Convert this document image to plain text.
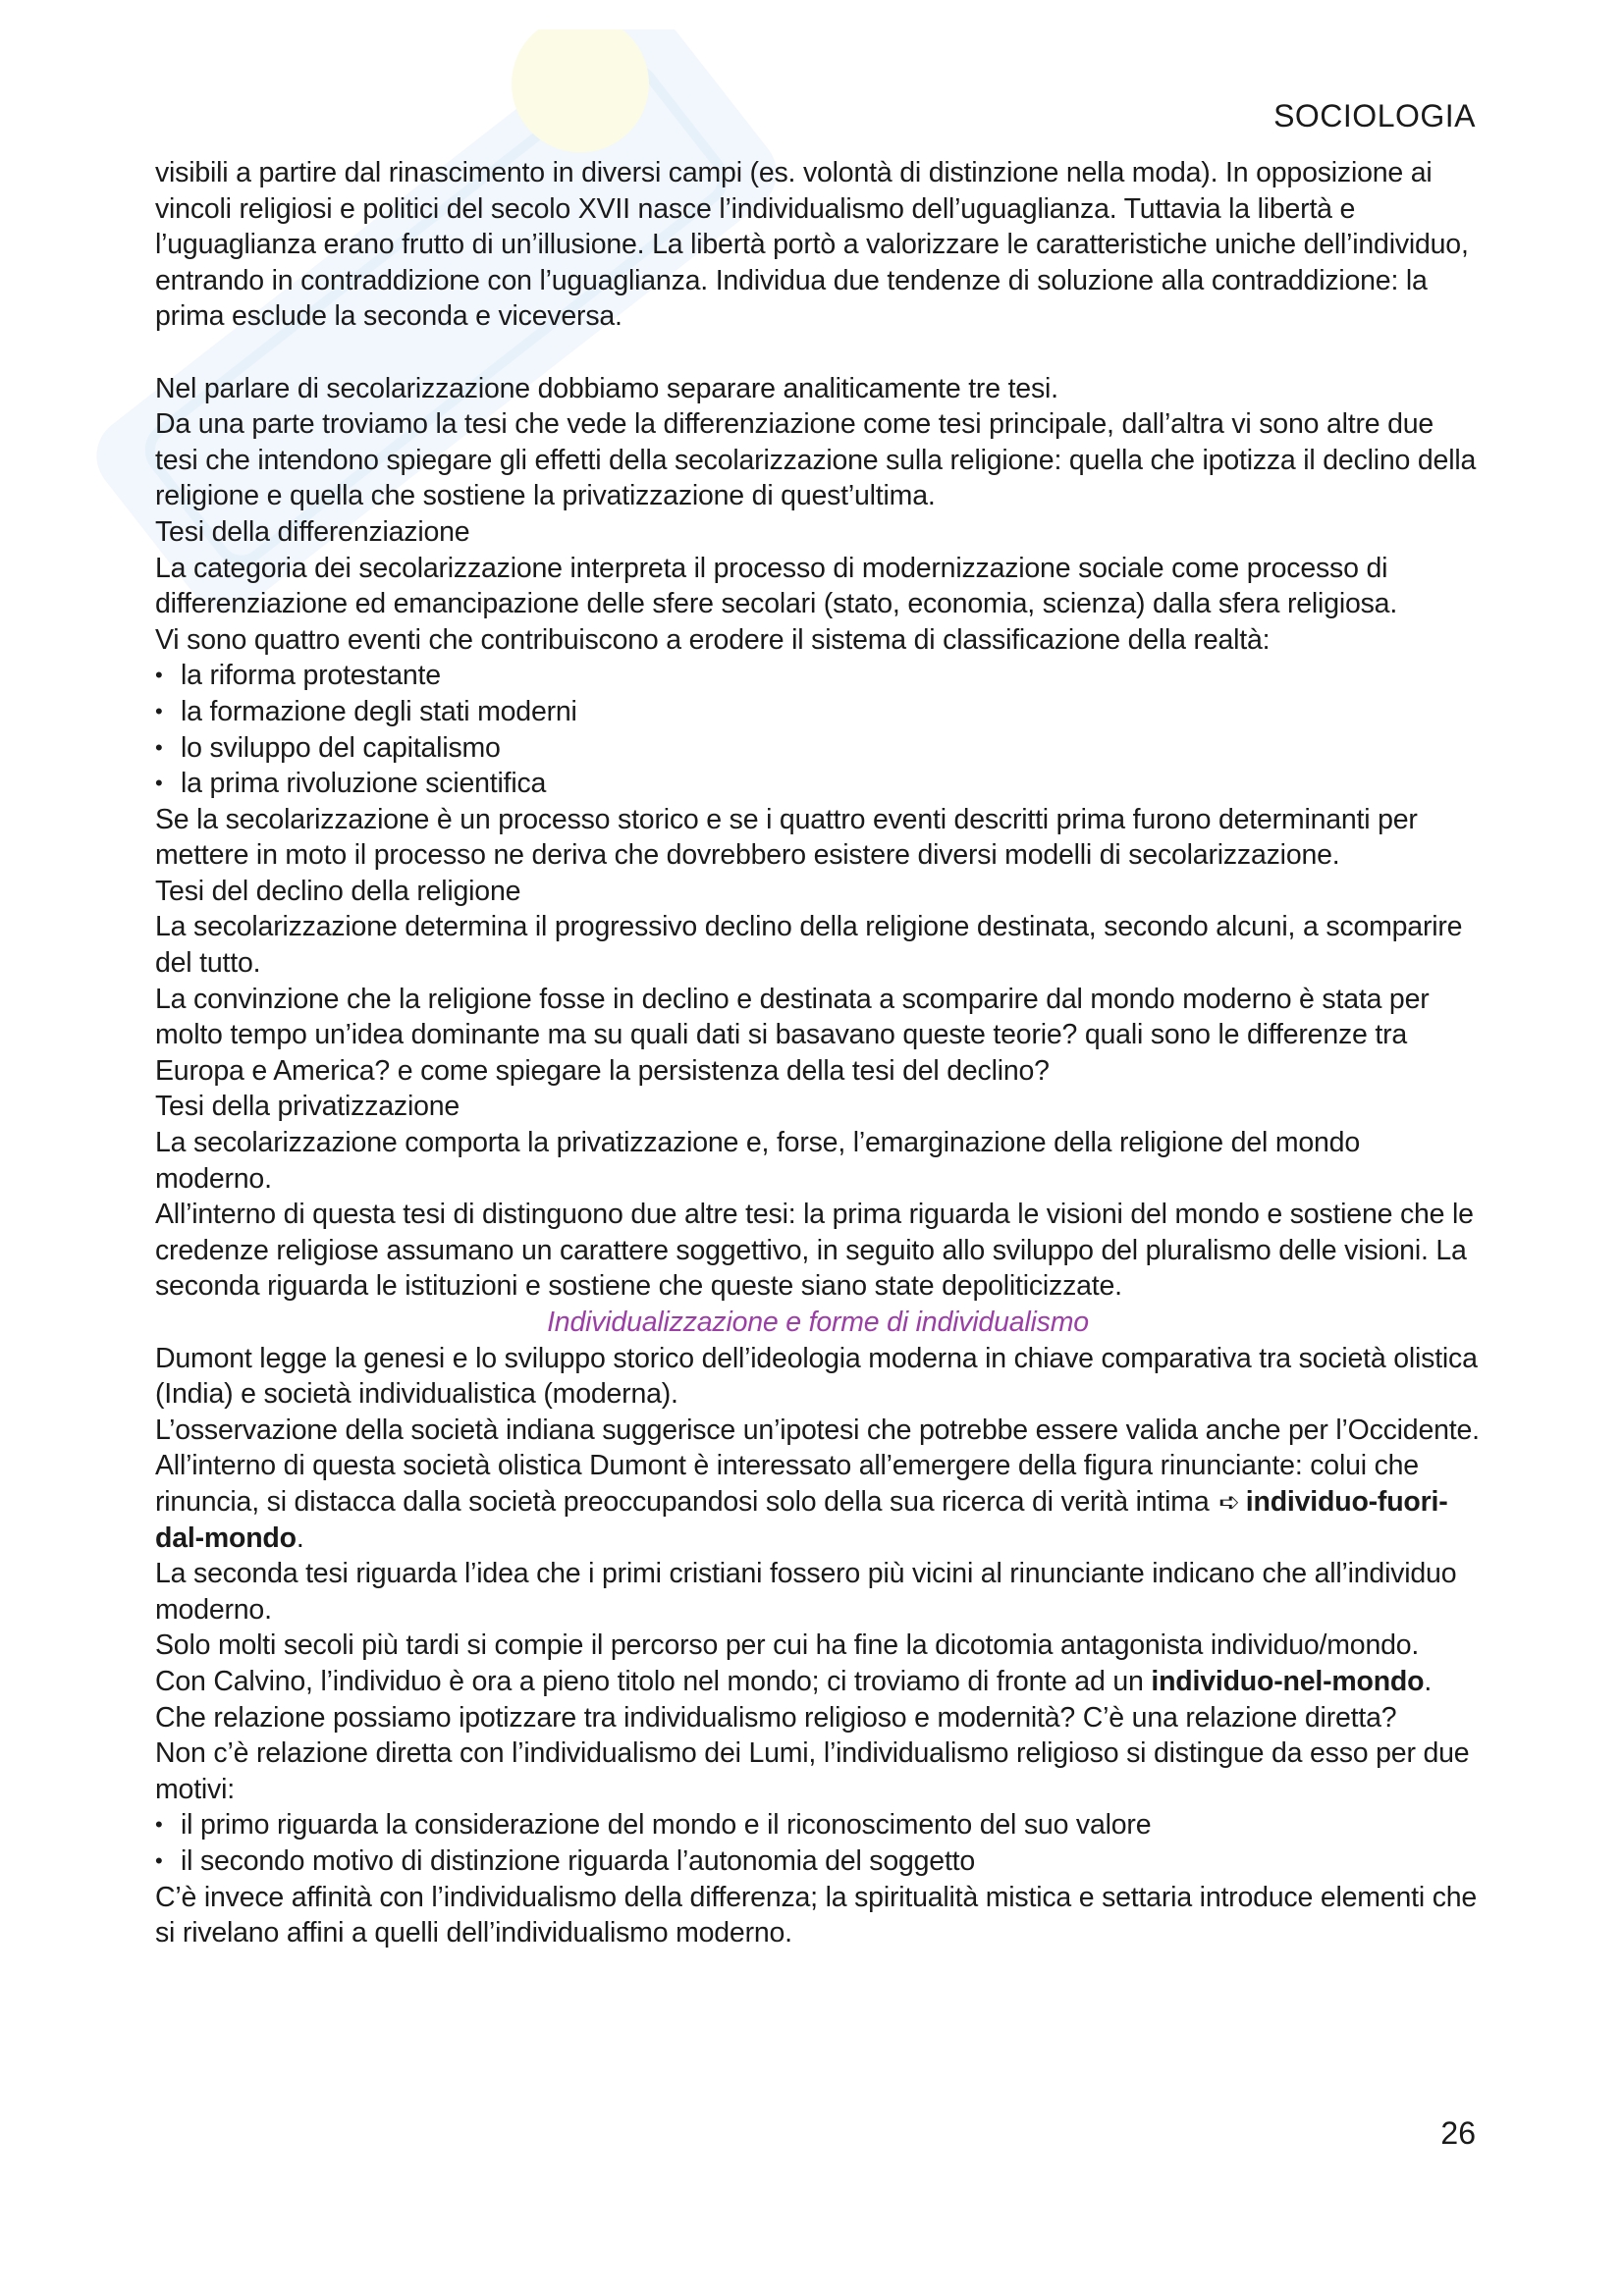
SOCIOLOGIA

visibili a partire dal rinascimento in diversi campi (es. volontà di distinzione nella moda). In opposizione ai vincoli religiosi e politici del secolo XVII nasce l’individualismo dell’uguaglianza. Tuttavia la libertà e l’uguaglianza erano frutto di un’illusione. La libertà portò a valorizzare le caratteristiche uniche dell’individuo, entrando in contraddizione con l’uguaglianza. Individua due tendenze di soluzione alla contraddizione: la prima esclude la seconda e viceversa.

Nel parlare di secolarizzazione dobbiamo separare analiticamente tre tesi.

Da una parte troviamo la tesi che vede la differenziazione come tesi principale, dall’altra vi sono altre due tesi che intendono spiegare gli effetti della secolarizzazione sulla religione: quella che ipotizza il declino della religione e quella che sostiene la privatizzazione di quest’ultima.

Tesi della differenziazione

La categoria dei secolarizzazione interpreta il processo di modernizzazione sociale come processo di differenziazione ed emancipazione delle sfere secolari (stato, economia, scienza) dalla sfera religiosa.

Vi sono quattro eventi che contribuiscono a erodere il sistema di classificazione della realtà:

• la riforma protestante
• la formazione degli stati moderni
• lo sviluppo del capitalismo
• la prima rivoluzione scientifica

Se la secolarizzazione è un processo storico e se i quattro eventi descritti prima furono determinanti per mettere in moto il processo ne deriva che dovrebbero esistere diversi modelli di secolarizzazione.

Tesi del declino della religione

La secolarizzazione determina il progressivo declino della religione destinata, secondo alcuni, a scomparire del tutto.

La convinzione che la religione fosse in declino e destinata a scomparire dal mondo moderno è stata per molto tempo un’idea dominante ma su quali dati si basavano queste teorie? quali sono le differenze tra Europa e America? e come spiegare la persistenza della tesi del declino?

Tesi della privatizzazione

La secolarizzazione comporta la privatizzazione e, forse, l’emarginazione della religione del mondo moderno.

All’interno di questa tesi di distinguono due altre tesi: la prima riguarda le visioni del mondo e sostiene che le credenze religiose assumano un carattere soggettivo, in seguito allo sviluppo del pluralismo delle visioni. La seconda riguarda le istituzioni e sostiene che queste siano state depoliticizzate.

Individualizzazione e forme di individualismo

Dumont legge la genesi e lo sviluppo storico dell’ideologia moderna in chiave comparativa tra società olistica (India) e società individualistica (moderna).

L’osservazione della società indiana suggerisce un’ipotesi che potrebbe essere valida anche per l’Occidente. All’interno di questa società olistica Dumont è interessato all’emergere della figura rinunciante: colui che rinuncia, si distacca dalla società preoccupandosi solo della sua ricerca di verità intima ➪ individuo-fuori-dal-mondo.

La seconda tesi riguarda l’idea che i primi cristiani fossero più vicini al rinunciante indicano che all’individuo moderno.

Solo molti secoli più tardi si compie il percorso per cui ha fine la dicotomia antagonista individuo/mondo.

Con Calvino, l’individuo è ora a pieno titolo nel mondo; ci troviamo di fronte ad un individuo-nel-mondo.

Che relazione possiamo ipotizzare tra individualismo religioso e modernità? C’è una relazione diretta?

Non c’è relazione diretta con l’individualismo dei Lumi, l’individualismo religioso si distingue da esso per due motivi:

• il primo riguarda la considerazione del mondo e il riconoscimento del suo valore
• il secondo motivo di distinzione riguarda l’autonomia del soggetto

C’è invece affinità con l’individualismo della differenza; la spiritualità mistica e settaria introduce elementi che si rivelano affini a quelli dell’individualismo moderno.

26
